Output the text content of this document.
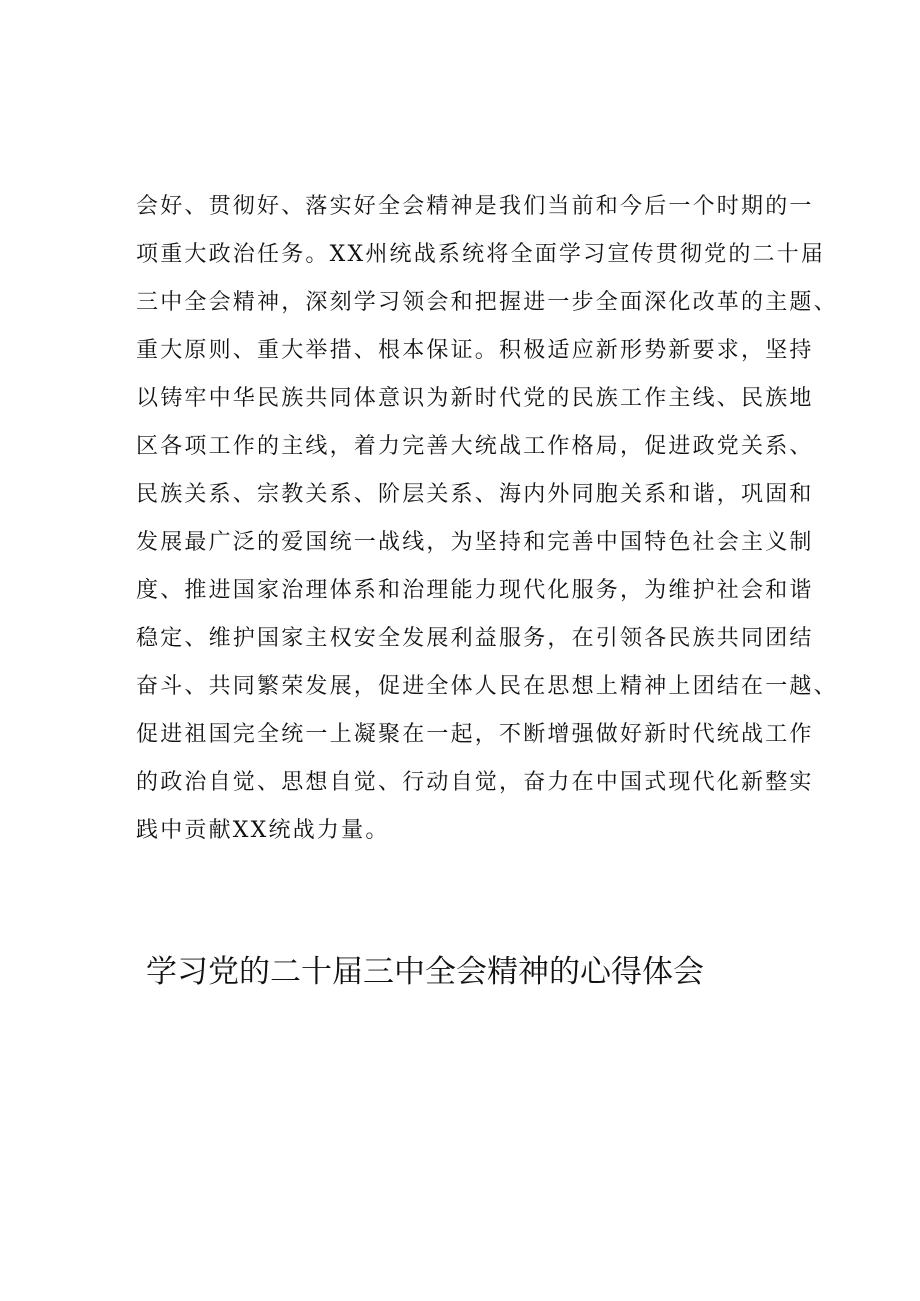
会好、贯彻好、落实好全会精神是我们当前和今后一个时期的一
项重大政治任务。XX州统战系统将全面学习宣传贯彻党的二十届
三中全会精神，深刻学习领会和把握进一步全面深化改革的主题、
重大原则、重大举措、根本保证。积极适应新形势新要求，坚持
以铸牢中华民族共同体意识为新时代党的民族工作主线、民族地
区各项工作的主线，着力完善大统战工作格局，促进政党关系、
民族关系、宗教关系、阶层关系、海内外同胞关系和谐，巩固和
发展最广泛的爱国统一战线，为坚持和完善中国特色社会主义制
度、推进国家治理体系和治理能力现代化服务，为维护社会和谐
稳定、维护国家主权安全发展利益服务，在引领各民族共同团结
奋斗、共同繁荣发展，促进全体人民在思想上精神上团结在一越、
促进祖国完全统一上凝聚在一起，不断增强做好新时代统战工作
的政治自觉、思想自觉、行动自觉，奋力在中国式现代化新整实
践中贡献XX统战力量。
学习党的二十届三中全会精神的心得体会
